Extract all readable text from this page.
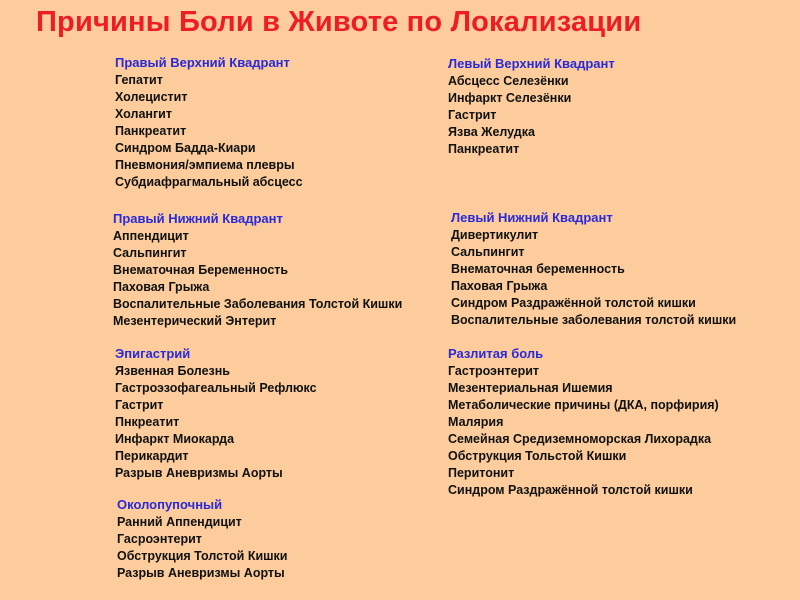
Причины Боли в Животе по Локализации
Правый Верхний Квадрант
Гепатит
Холецистит
Холангит
Панкреатит
Синдром Бадда-Киари
Пневмония/эмпиема плевры
Субдиафрагмальный абсцесс
Левый Верхний Квадрант
Абсцесс Селезёнки
Инфаркт Селезёнки
Гастрит
Язва Желудка
Панкреатит
Правый Нижний Квадрант
Аппендицит
Сальпингит
Внематочная Беременность
Паховая Грыжа
Воспалительные Заболевания Толстой Кишки
Мезентерический Энтерит
Левый Нижний Квадрант
Дивертикулит
Сальпингит
Внематочная беременность
Паховая Грыжа
Синдром Раздражённой толстой кишки
Воспалительные заболевания толстой кишки
Эпигастрий
Язвенная Болезнь
Гастроэзофагеальный Рефлюкс
Гастрит
Пнкреатит
Инфаркт Миокарда
Перикардит
Разрыв Аневризмы Аорты
Разлитая боль
Гастроэнтерит
Мезентериальная Ишемия
Метаболические причины (ДКА, порфирия)
Малярия
Семейная Средиземноморская Лихорадка
Обструкция Тольстой Кишки
Перитонит
Синдром Раздражённой толстой кишки
Околопупочный
Ранний Аппендицит
Гасроэнтерит
Обструкция Толстой Кишки
Разрыв Аневризмы Аорты
